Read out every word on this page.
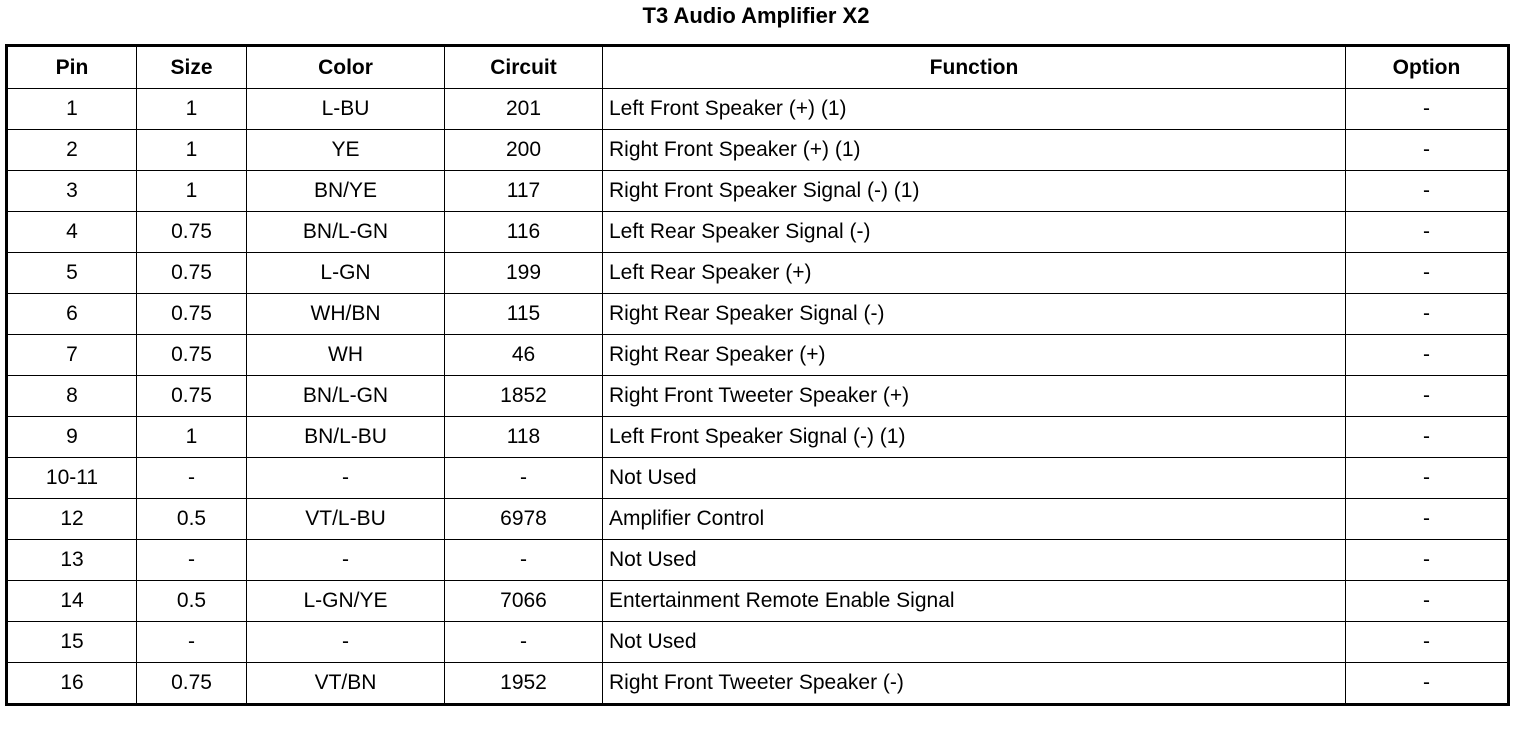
T3 Audio Amplifier X2
Pin	Size	Color	Circuit	Function	Option
1	1	L-BU	201	Left Front Speaker (+) (1)	-
2	1	YE	200	Right Front Speaker (+) (1)	-
3	1	BN/YE	117	Right Front Speaker Signal (-) (1)	-
4	0.75	BN/L-GN	116	Left Rear Speaker Signal (-)	-
5	0.75	L-GN	199	Left Rear Speaker (+)	-
6	0.75	WH/BN	115	Right Rear Speaker Signal (-)	-
7	0.75	WH	46	Right Rear Speaker (+)	-
8	0.75	BN/L-GN	1852	Right Front Tweeter Speaker (+)	-
9	1	BN/L-BU	118	Left Front Speaker Signal (-) (1)	-
10-11	-	-	-	Not Used	-
12	0.5	VT/L-BU	6978	Amplifier Control	-
13	-	-	-	Not Used	-
14	0.5	L-GN/YE	7066	Entertainment Remote Enable Signal	-
15	-	-	-	Not Used	-
16	0.75	VT/BN	1952	Right Front Tweeter Speaker (-)	-
